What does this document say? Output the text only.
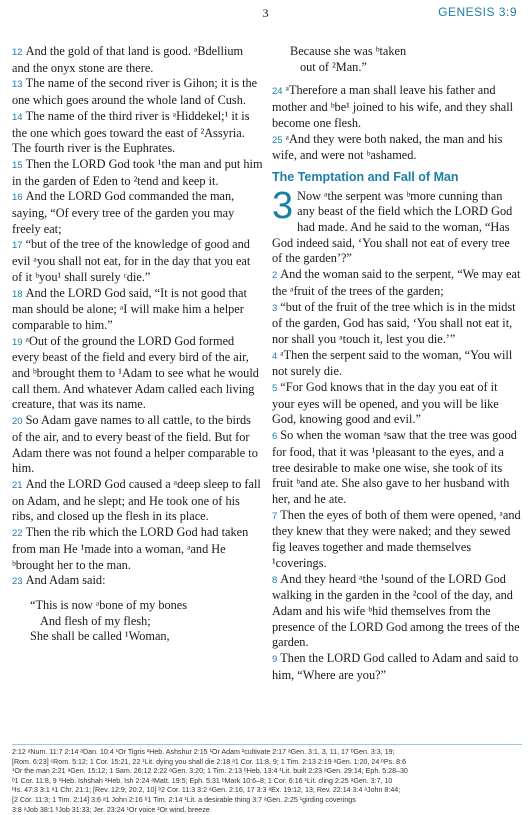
3	GENESIS 3:9

12 And the gold of that land is good. ᵃBdellium and the onyx stone are there.

13 The name of the second river is Gihon; it is the one which goes around the whole land of Cush.

14 The name of the third river is ᵃHiddekel;¹ it is the one which goes toward the east of ²Assyria. The fourth river is the Euphrates.

15 Then the LORD God took ¹the man and put him in the garden of Eden to ²tend and keep it.

16 And the LORD God commanded the man, saying, “Of every tree of the garden you may freely eat;

17 “but of the tree of the knowledge of good and evil ᵃyou shall not eat, for in the day that you eat of it ᵇyou¹ shall surely ᶜdie.”

18 And the LORD God said, “It is not good that man should be alone; ᵃI will make him a helper comparable to him.”

19 ᵃOut of the ground the LORD God formed every beast of the field and every bird of the air, and ᵇbrought them to ¹Adam to see what he would call them. And whatever Adam called each living creature, that was its name.

20 So Adam gave names to all cattle, to the birds of the air, and to every beast of the field. But for Adam there was not found a helper comparable to him.

21 And the LORD God caused a ᵃdeep sleep to fall on Adam, and he slept; and He took one of his ribs, and closed up the flesh in its place.

22 Then the rib which the LORD God had taken from man He ¹made into a woman, ᵃand He ᵇbrought her to the man.

23 And Adam said:

“This is now ᵃbone of my bones
And flesh of my flesh;
She shall be called ¹Woman,
Because she was ᵇtaken
out of ²Man.”

24 ᵃTherefore a man shall leave his father and mother and ᵇbe¹ joined to his wife, and they shall become one flesh.

25 ᵃAnd they were both naked, the man and his wife, and were not ᵇashamed.

The Temptation and Fall of Man

3 Now ᵃthe serpent was ᵇmore cunning than any beast of the field which the LORD God had made. And he said to the woman, “Has God indeed said, ‘You shall not eat of every tree of the garden’?”

2 And the woman said to the serpent, “We may eat the ᵃfruit of the trees of the garden;

3 “but of the fruit of the tree which is in the midst of the garden, God has said, ‘You shall not eat it, nor shall you ᵃtouch it, lest you die.’”

4 ᵃThen the serpent said to the woman, “You will not surely die.

5 “For God knows that in the day you eat of it your eyes will be opened, and you will be like God, knowing good and evil.”

6 So when the woman ᵃsaw that the tree was good for food, that it was ¹pleasant to the eyes, and a tree desirable to make one wise, she took of its fruit ᵇand ate. She also gave to her husband with her, and he ate.

7 Then the eyes of both of them were opened, ᵃand they knew that they were naked; and they sewed fig leaves together and made themselves ¹coverings.

8 And they heard ᵃthe ¹sound of the LORD God walking in the garden in the ²cool of the day, and Adam and his wife ᵇhid themselves from the presence of the LORD God among the trees of the garden.

9 Then the LORD God called to Adam and said to him, “Where are you?”

2:12 ᵃNum. 11:7 2:14 ᵃDan. 10:4 ¹Or Tigris ²Heb. Ashshur 2:15 ¹Or Adam ²cultivate 2:17 ᵃGen. 3:1, 3, 11, 17 ᵇGen. 3:3, 19;

[Rom. 6:23] ᶜRom. 5:12; 1 Cor. 15:21, 22 ¹Lit. dying you shall die 2:18 ᵃ1 Cor. 11:8, 9; 1 Tim. 2:13 2:19 ᵃGen. 1:20, 24 ᵇPs. 8:6

¹Or the man 2:21 ᵃGen. 15:12; 1 Sam. 26:12 2:22 ᵃGen. 3:20; 1 Tim. 2:13 ᵇHeb. 13:4 ¹Lit. built 2:23 ᵃGen. 29:14; Eph. 5:28–30

ᵇ1 Cor. 11:8, 9 ¹Heb. Ishshah ²Heb. Ish 2:24 ᵃMatt. 19:5; Eph. 5:31 ᵇMark 10:6–8; 1 Cor. 6:16 ¹Lit. cling 2:25 ᵃGen. 3:7, 10

ᵇIs. 47:3 3:1 ᵃ1 Chr. 21:1; [Rev. 12:9; 20:2, 10] ᵇ2 Cor. 11:3 3:2 ᵃGen. 2:16, 17 3:3 ᵃEx. 19:12, 13; Rev. 22:14 3:4 ᵃJohn 8:44;

[2 Cor. 11:3; 1 Tim. 2:14] 3:6 ᵃ1 John 2:16 ᵇ1 Tim. 2:14 ¹Lit. a desirable thing 3:7 ᵃGen. 2:25 ¹girding coverings

3:8 ᵃJob 38:1 ᵇJob 31:33; Jer. 23:24 ¹Or voice ²Or wind, breeze
